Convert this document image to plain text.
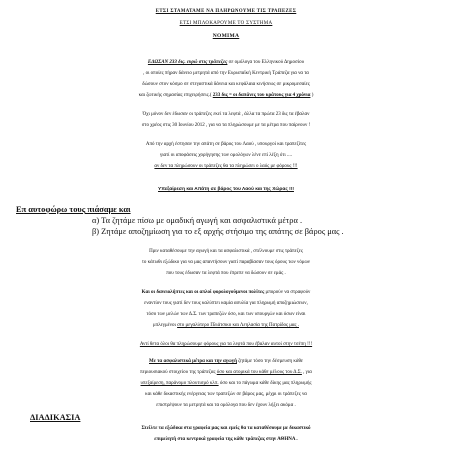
ΕΤΣΙ ΣΤΑΜΑΤΑΜΕ ΝΑ ΠΛΗΡΩΝΟΥΜΕ ΤΙΣ ΤΡΑΠΕΖΕΣ
ΕΤΣΙ ΜΠΛΟΚΑΡΟΥΜΕ ΤΟ ΣΥΣΤΗΜΑ
ΝΟΜΙΜΑ
ΕΔΩΣΑΝ 233 δις. ευρώ στις τράπεζες σε ομόλογα του Ελληνικού Δημοσίου
, οι οποίες πήραν δάνειο μετρητά από την Ευρωπαϊκή Κεντρική Τράπεζα για να τα
δώσουν στον κόσμο σε στεγαστικά δάνεια και κεφάλαια κινήσεως σε μικρομεσαίες
και ζωτικής σημασίας επιχειρήσεις.( 233 δις = οι δαπάνες του κράτους για 4 χρόνια )
Όχι μόνον δεν έδωσαν οι τράπεζες εκεί τα λεφτά , άλλα τα πρώτα 23 δις τα έβαλαν
στο χρέος στις 30 Ιουνίου 2012 , για να τα πληρώσουμε με τα μέτρα που παίρνουν !
Από την αρχή έστησαν την απάτη σε βάρος του Λαού , υπουργοί και τραπεζίτες
γιατί οι αποφάσεις χορήγησης των ομολόγων λένε επί λέξη ότι ....
αν δεν τα πληρώσουν οι τράπεζες θα τα πληρώσει ο λαός με φόρους !!!
Υπεξαίρεση και Απάτη σε βάρος του Λαού και της Χώρας !!!
Επ αυτοφώρω τους πιάσαμε και
α) Τα ζητάμε πίσω με ομαδική αγωγή και ασφαλιστικά μέτρα .
β) Ζητάμε αποζημίωση για το εξ αρχής στήσιμο της απάτης σε βάρος μας .
Πριν καταθέσουμε την αγωγή και τα ασφαλιστικά , στέλνουμε στις τράπεζες
το κάτωθι εξώδικο για να μας απαντήσουν γιατί παραβίασαν τους όρους των νόμων
που τους έδωσαν τα λεφτά που έπρεπε να δώσουν σε εμάς .
Και οι δανειολήπτες και οι απλοί φορολογούμενοι πολίτες μπορούν να στραφούν
εναντίον τους γιατί δεν τους καλύπτει καμία ασυλία για πληρωμή αποζημιώσεων,
τόσο των μελών των Δ.Σ. των τραπεζών όσο, και των υπουργών και όσων είναι
μπλεγμένοι στο μεγαλύτερο Πλιάτσικο και Λεηλασία της Πατρίδος μας .
Αντί θετα όλοι θα πληρώσουμε φόρους για τα λεφτά που έβαλαν αυτοί στην τσέπη !!!
Με τα ασφαλιστικά μέτρα και την αγωγή ζητάμε τόσο την δέσμευση κάθε
περιουσιακού στοιχείου της τράπεζας όσο και ατομικά του κάθε μέλους του Δ.Σ. , για
υπεξαίρεση, παράνομο πλουτισμό κλπ. όσο και το πάγωμα κάθε δίκης μας πληρωμής
και κάθε δικαστικής ενέργειας των τραπεζών σε βάρος μας, μέχρι οι τράπεζες να
επιστρέψουν τα μετρητά και τα ομόλογα που δεν έχουν λήξει ακόμα .
ΔΙΑΔΙΚΑΣΙΑ
Στείλτε τα εξώδικα στα γραφεία μας και εμείς θα τα καταθέσουμε με δικαστικό
επιμελητή στα κεντρικά γραφεία της κάθε τράπεζας στην ΑΘΗΝΑ .
